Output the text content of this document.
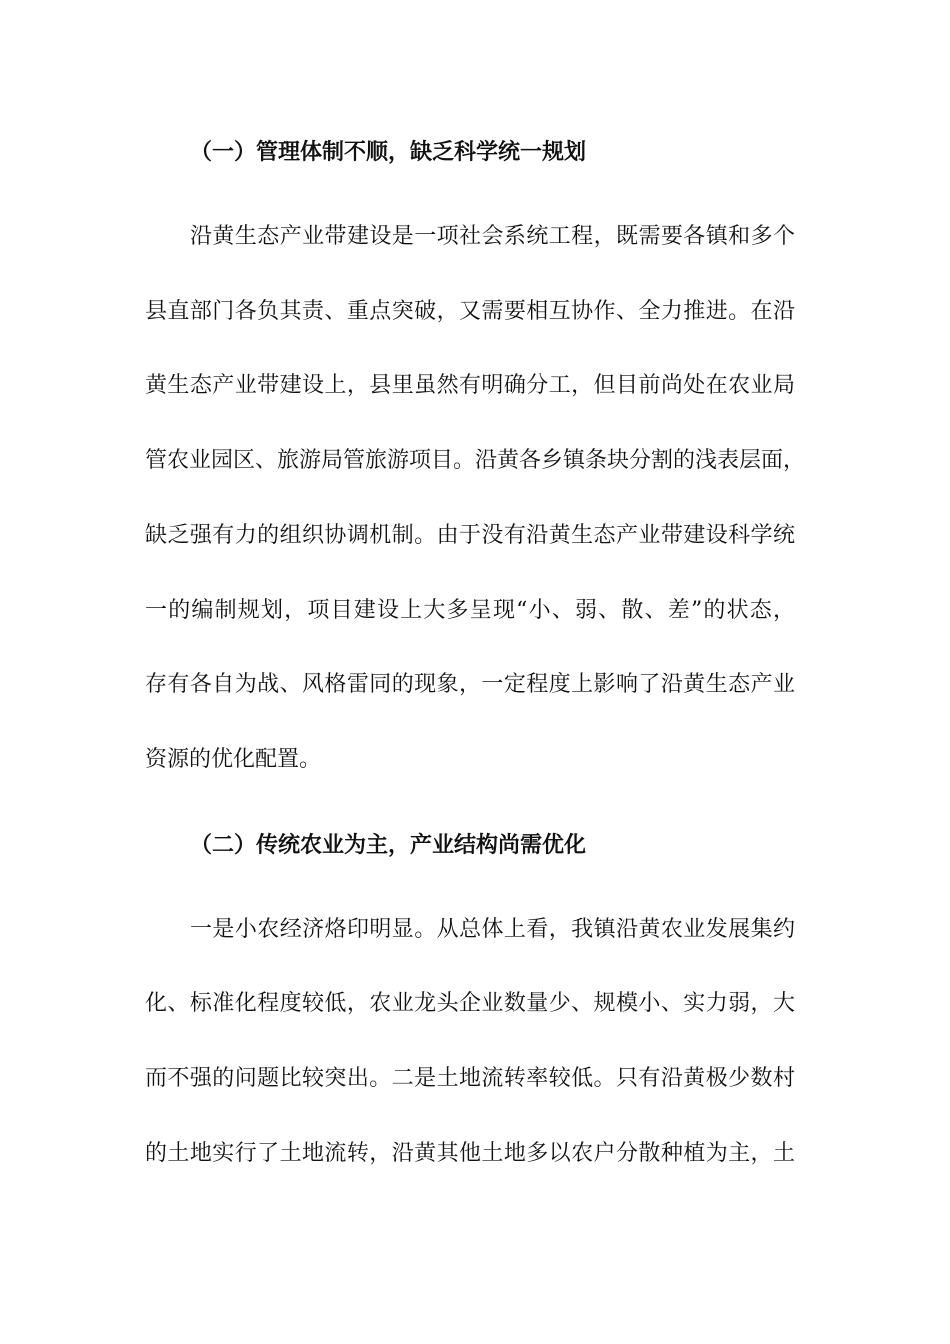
（一）管理体制不顺，缺乏科学统一规划
沿黄生态产业带建设是一项社会系统工程，既需要各镇和多个
县直部门各负其责、重点突破，又需要相互协作、全力推进。在沿
黄生态产业带建设上，县里虽然有明确分工，但目前尚处在农业局
管农业园区、旅游局管旅游项目。沿黄各乡镇条块分割的浅表层面，
缺乏强有力的组织协调机制。由于没有沿黄生态产业带建设科学统
一的编制规划，项目建设上大多呈现“小、弱、散、差”的状态，
存有各自为战、风格雷同的现象，一定程度上影响了沿黄生态产业
资源的优化配置。
（二）传统农业为主，产业结构尚需优化
一是小农经济烙印明显。从总体上看，我镇沿黄农业发展集约
化、标准化程度较低，农业龙头企业数量少、规模小、实力弱，大
而不强的问题比较突出。二是土地流转率较低。只有沿黄极少数村
的土地实行了土地流转，沿黄其他土地多以农户分散种植为主，土
